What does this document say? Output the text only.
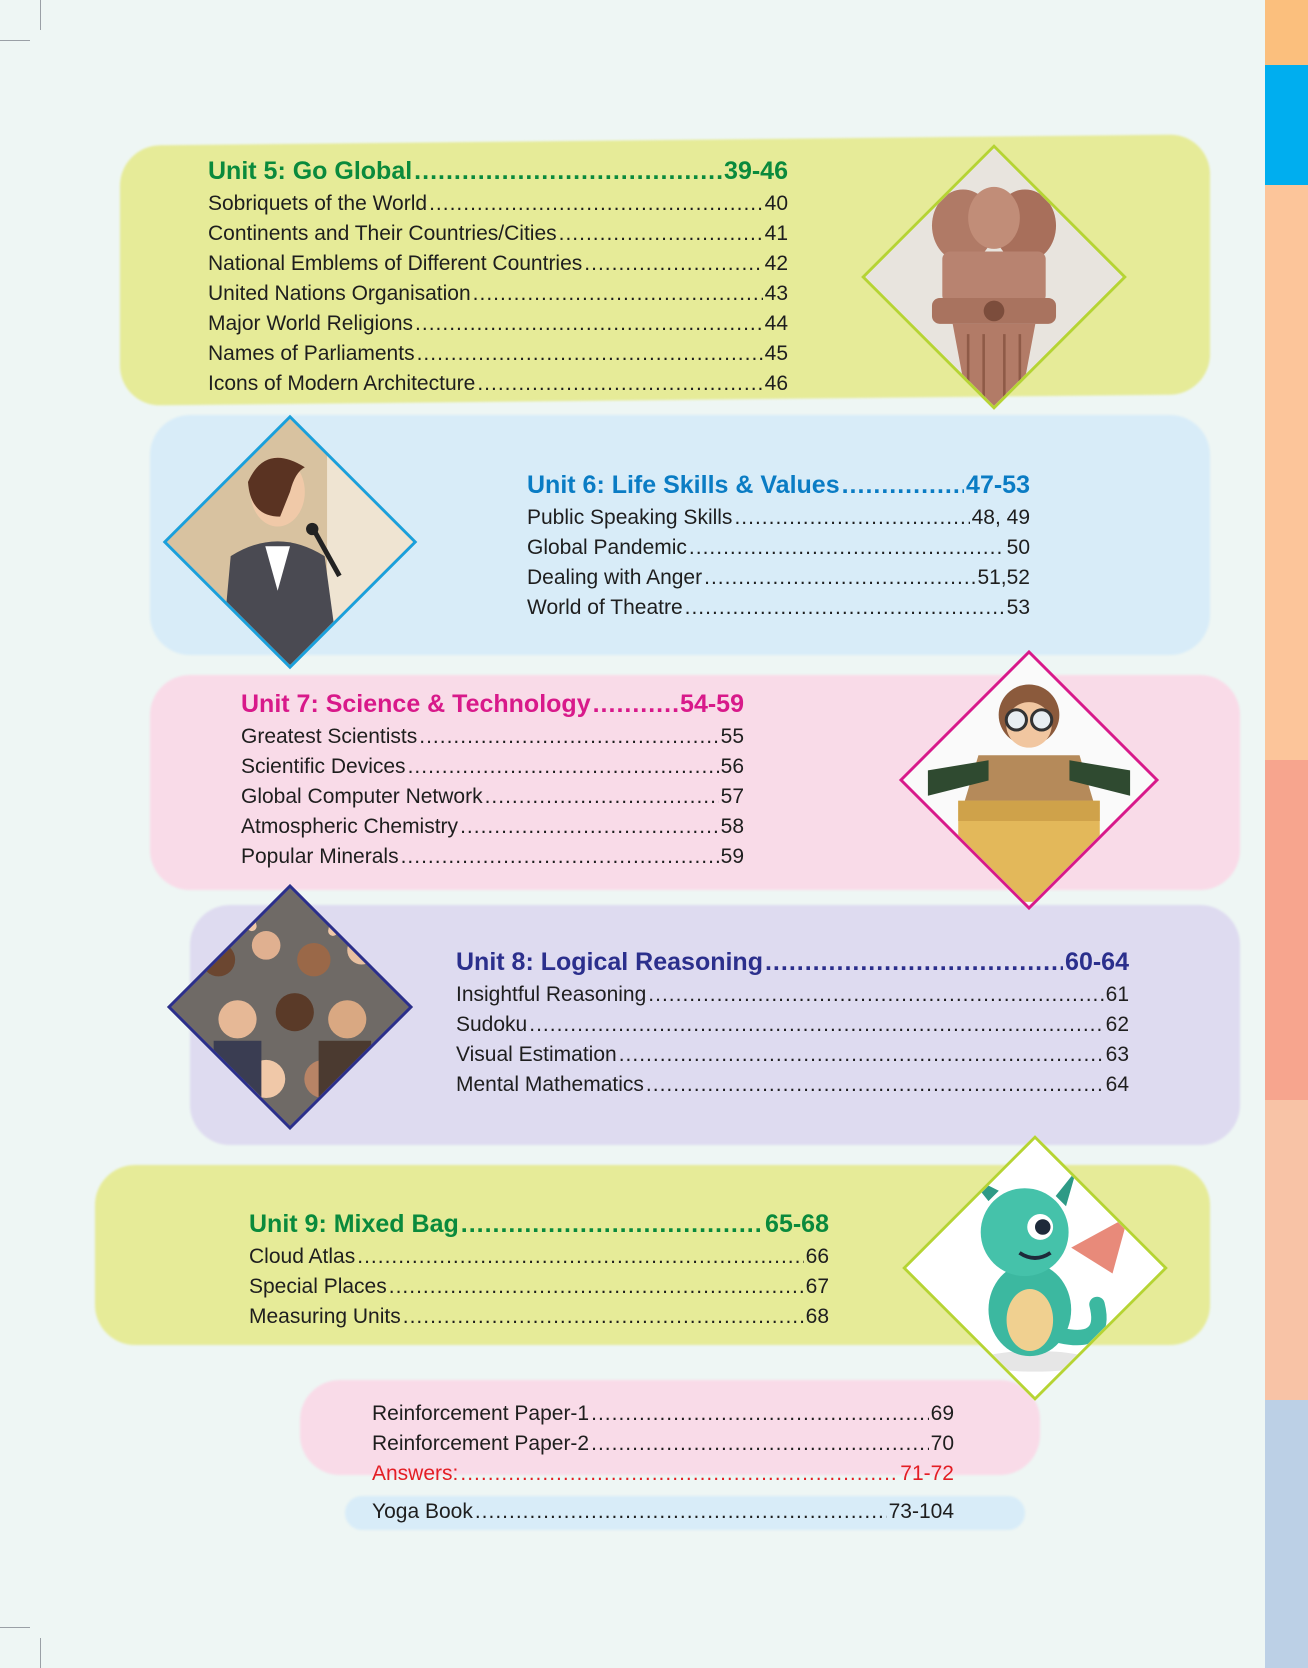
Unit 5: Go Global .....	39-46
Sobriquets of the World .....	40
Continents and Their Countries/Cities .....	41
National Emblems of Different Countries .....	42
United Nations Organisation .....	43
Major World Religions .....	44
Names of Parliaments .....	45
Icons of Modern Architecture .....	46
Unit 6: Life Skills & Values .....	47-53
Public Speaking Skills .....	48, 49
Global Pandemic .....	50
Dealing with Anger .....	51,52
World of Theatre .....	53
Unit 7: Science & Technology .....	54-59
Greatest Scientists .....	55
Scientific Devices .....	56
Global Computer Network .....	57
Atmospheric Chemistry .....	58
Popular Minerals .....	59
Unit 8: Logical Reasoning .....	60-64
Insightful Reasoning .....	61
Sudoku .....	62
Visual Estimation .....	63
Mental Mathematics .....	64
Unit 9: Mixed Bag .....	65-68
Cloud Atlas .....	66
Special Places .....	67
Measuring Units .....	68
Reinforcement Paper-1 .....	69
Reinforcement Paper-2 .....	70
Answers: .....	71-72
Yoga Book .....	73-104
